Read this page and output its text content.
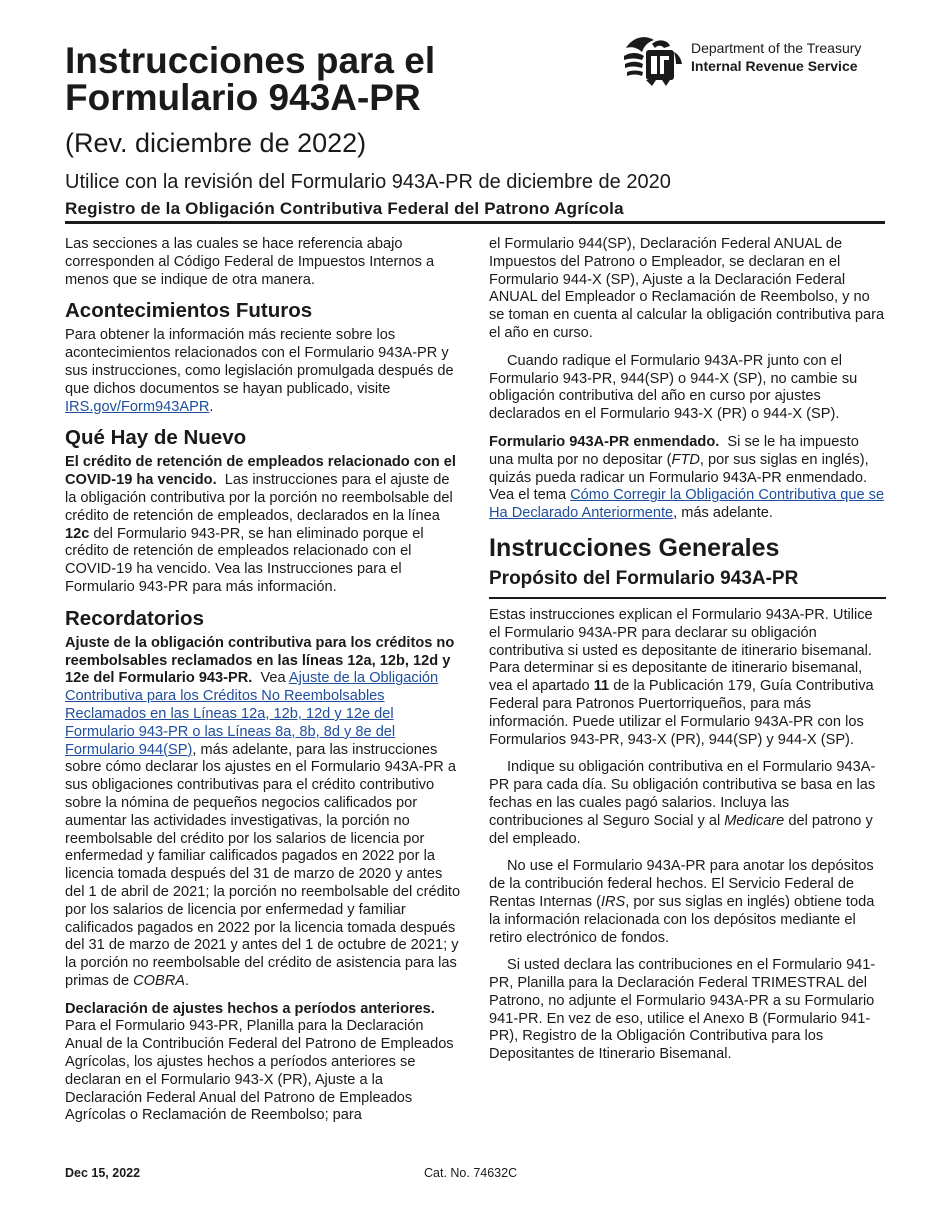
Instrucciones para el
Formulario 943A-PR
(Rev. diciembre de 2022)
Utilice con la revisión del Formulario 943A-PR de diciembre de 2020
Registro de la Obligación Contributiva Federal del Patrono Agrícola
Department of the Treasury
Internal Revenue Service

Las secciones a las cuales se hace referencia abajo corresponden al Código Federal de Impuestos Internos a menos que se indique de otra manera.

Acontecimientos Futuros

Para obtener la información más reciente sobre los acontecimientos relacionados con el Formulario 943A-PR y sus instrucciones, como legislación promulgada después de que dichos documentos se hayan publicado, visite IRS.gov/Form943APR.

Qué Hay de Nuevo

El crédito de retención de empleados relacionado con el COVID-19 ha vencido. Las instrucciones para el ajuste de la obligación contributiva por la porción no reembolsable del crédito de retención de empleados, declarados en la línea 12c del Formulario 943-PR, se han eliminado porque el crédito de retención de empleados relacionado con el COVID-19 ha vencido. Vea las Instrucciones para el Formulario 943-PR para más información.

Recordatorios

Ajuste de la obligación contributiva para los créditos no reembolsables reclamados en las líneas 12a, 12b, 12d y 12e del Formulario 943-PR. Vea Ajuste de la Obligación Contributiva para los Créditos No Reembolsables Reclamados en las Líneas 12a, 12b, 12d y 12e del Formulario 943-PR o las Líneas 8a, 8b, 8d y 8e del Formulario 944(SP), más adelante, para las instrucciones sobre cómo declarar los ajustes en el Formulario 943A-PR a sus obligaciones contributivas para el crédito contributivo sobre la nómina de pequeños negocios calificados por aumentar las actividades investigativas, la porción no reembolsable del crédito por los salarios de licencia por enfermedad y familiar calificados pagados en 2022 por la licencia tomada después del 31 de marzo de 2020 y antes del 1 de abril de 2021; la porción no reembolsable del crédito por los salarios de licencia por enfermedad y familiar calificados pagados en 2022 por la licencia tomada después del 31 de marzo de 2021 y antes del 1 de octubre de 2021; y la porción no reembolsable del crédito de asistencia para las primas de COBRA.

Declaración de ajustes hechos a períodos anteriores.  Para el Formulario 943-PR, Planilla para la Declaración Anual de la Contribución Federal del Patrono de Empleados Agrícolas, los ajustes hechos a períodos anteriores se declaran en el Formulario 943-X (PR), Ajuste a la Declaración Federal Anual del Patrono de Empleados Agrícolas o Reclamación de Reembolso; para

el Formulario 944(SP), Declaración Federal ANUAL de Impuestos del Patrono o Empleador, se declaran en el Formulario 944-X (SP), Ajuste a la Declaración Federal ANUAL del Empleador o Reclamación de Reembolso, y no se toman en cuenta al calcular la obligación contributiva para el año en curso.

Cuando radique el Formulario 943A-PR junto con el Formulario 943-PR, 944(SP) o 944-X (SP), no cambie su obligación contributiva del año en curso por ajustes declarados en el Formulario 943-X (PR) o 944-X (SP).

Formulario 943A-PR enmendado. Si se le ha impuesto una multa por no depositar (FTD, por sus siglas en inglés), quizás pueda radicar un Formulario 943A-PR enmendado. Vea el tema Cómo Corregir la Obligación Contributiva que se Ha Declarado Anteriormente, más adelante.

Instrucciones Generales
Propósito del Formulario 943A-PR

Estas instrucciones explican el Formulario 943A-PR. Utilice el Formulario 943A-PR para declarar su obligación contributiva si usted es depositante de itinerario bisemanal. Para determinar si es depositante de itinerario bisemanal, vea el apartado 11 de la Publicación 179, Guía Contributiva Federal para Patronos Puertorriqueños, para más información. Puede utilizar el Formulario 943A-PR con los Formularios 943-PR, 943-X (PR), 944(SP) y 944-X (SP).

Indique su obligación contributiva en el Formulario 943A-PR para cada día. Su obligación contributiva se basa en las fechas en las cuales pagó salarios. Incluya las contribuciones al Seguro Social y al Medicare del patrono y del empleado.

No use el Formulario 943A-PR para anotar los depósitos de la contribución federal hechos. El Servicio Federal de Rentas Internas (IRS, por sus siglas en inglés) obtiene toda la información relacionada con los depósitos mediante el retiro electrónico de fondos.

Si usted declara las contribuciones en el Formulario 941-PR, Planilla para la Declaración Federal TRIMESTRAL del Patrono, no adjunte el Formulario 943A-PR a su Formulario 941-PR. En vez de eso, utilice el Anexo B (Formulario 941-PR), Registro de la Obligación Contributiva para los Depositantes de Itinerario Bisemanal.

Dec 15, 2022	Cat. No. 74632C
